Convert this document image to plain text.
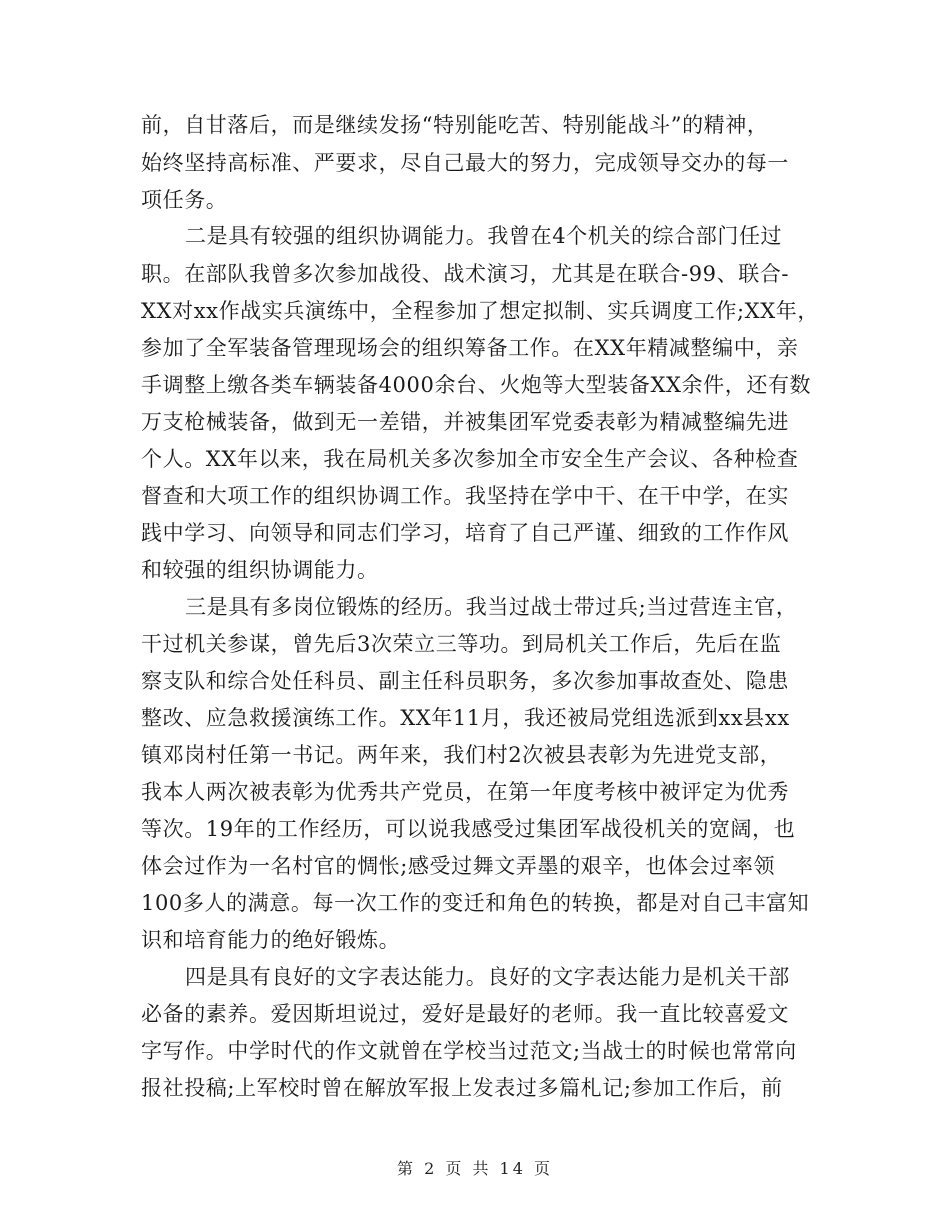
前，自甘落后，而是继续发扬“特别能吃苦、特别能战斗”的精神，
始终坚持高标准、严要求，尽自己最大的努力，完成领导交办的每一
项任务。
二是具有较强的组织协调能力。我曾在4个机关的综合部门任过
职。在部队我曾多次参加战役、战术演习，尤其是在联合-99、联合-
XX对xx作战实兵演练中，全程参加了想定拟制、实兵调度工作;XX年，
参加了全军装备管理现场会的组织筹备工作。在XX年精减整编中，亲
手调整上缴各类车辆装备4000余台、火炮等大型装备XX余件，还有数
万支枪械装备，做到无一差错，并被集团军党委表彰为精减整编先进
个人。XX年以来，我在局机关多次参加全市安全生产会议、各种检查
督查和大项工作的组织协调工作。我坚持在学中干、在干中学，在实
践中学习、向领导和同志们学习，培育了自己严谨、细致的工作作风
和较强的组织协调能力。
三是具有多岗位锻炼的经历。我当过战士带过兵;当过营连主官，
干过机关参谋，曾先后3次荣立三等功。到局机关工作后，先后在监
察支队和综合处任科员、副主任科员职务，多次参加事故查处、隐患
整改、应急救援演练工作。XX年11月，我还被局党组选派到xx县xx
镇邓岗村任第一书记。两年来，我们村2次被县表彰为先进党支部，
我本人两次被表彰为优秀共产党员，在第一年度考核中被评定为优秀
等次。19年的工作经历，可以说我感受过集团军战役机关的宽阔，也
体会过作为一名村官的惆怅;感受过舞文弄墨的艰辛，也体会过率领
100多人的满意。每一次工作的变迁和角色的转换，都是对自己丰富知
识和培育能力的绝好锻炼。
四是具有良好的文字表达能力。良好的文字表达能力是机关干部
必备的素养。爱因斯坦说过，爱好是最好的老师。我一直比较喜爱文
字写作。中学时代的作文就曾在学校当过范文;当战士的时候也常常向
报社投稿;上军校时曾在解放军报上发表过多篇札记;参加工作后，前
第 2 页 共 14 页
